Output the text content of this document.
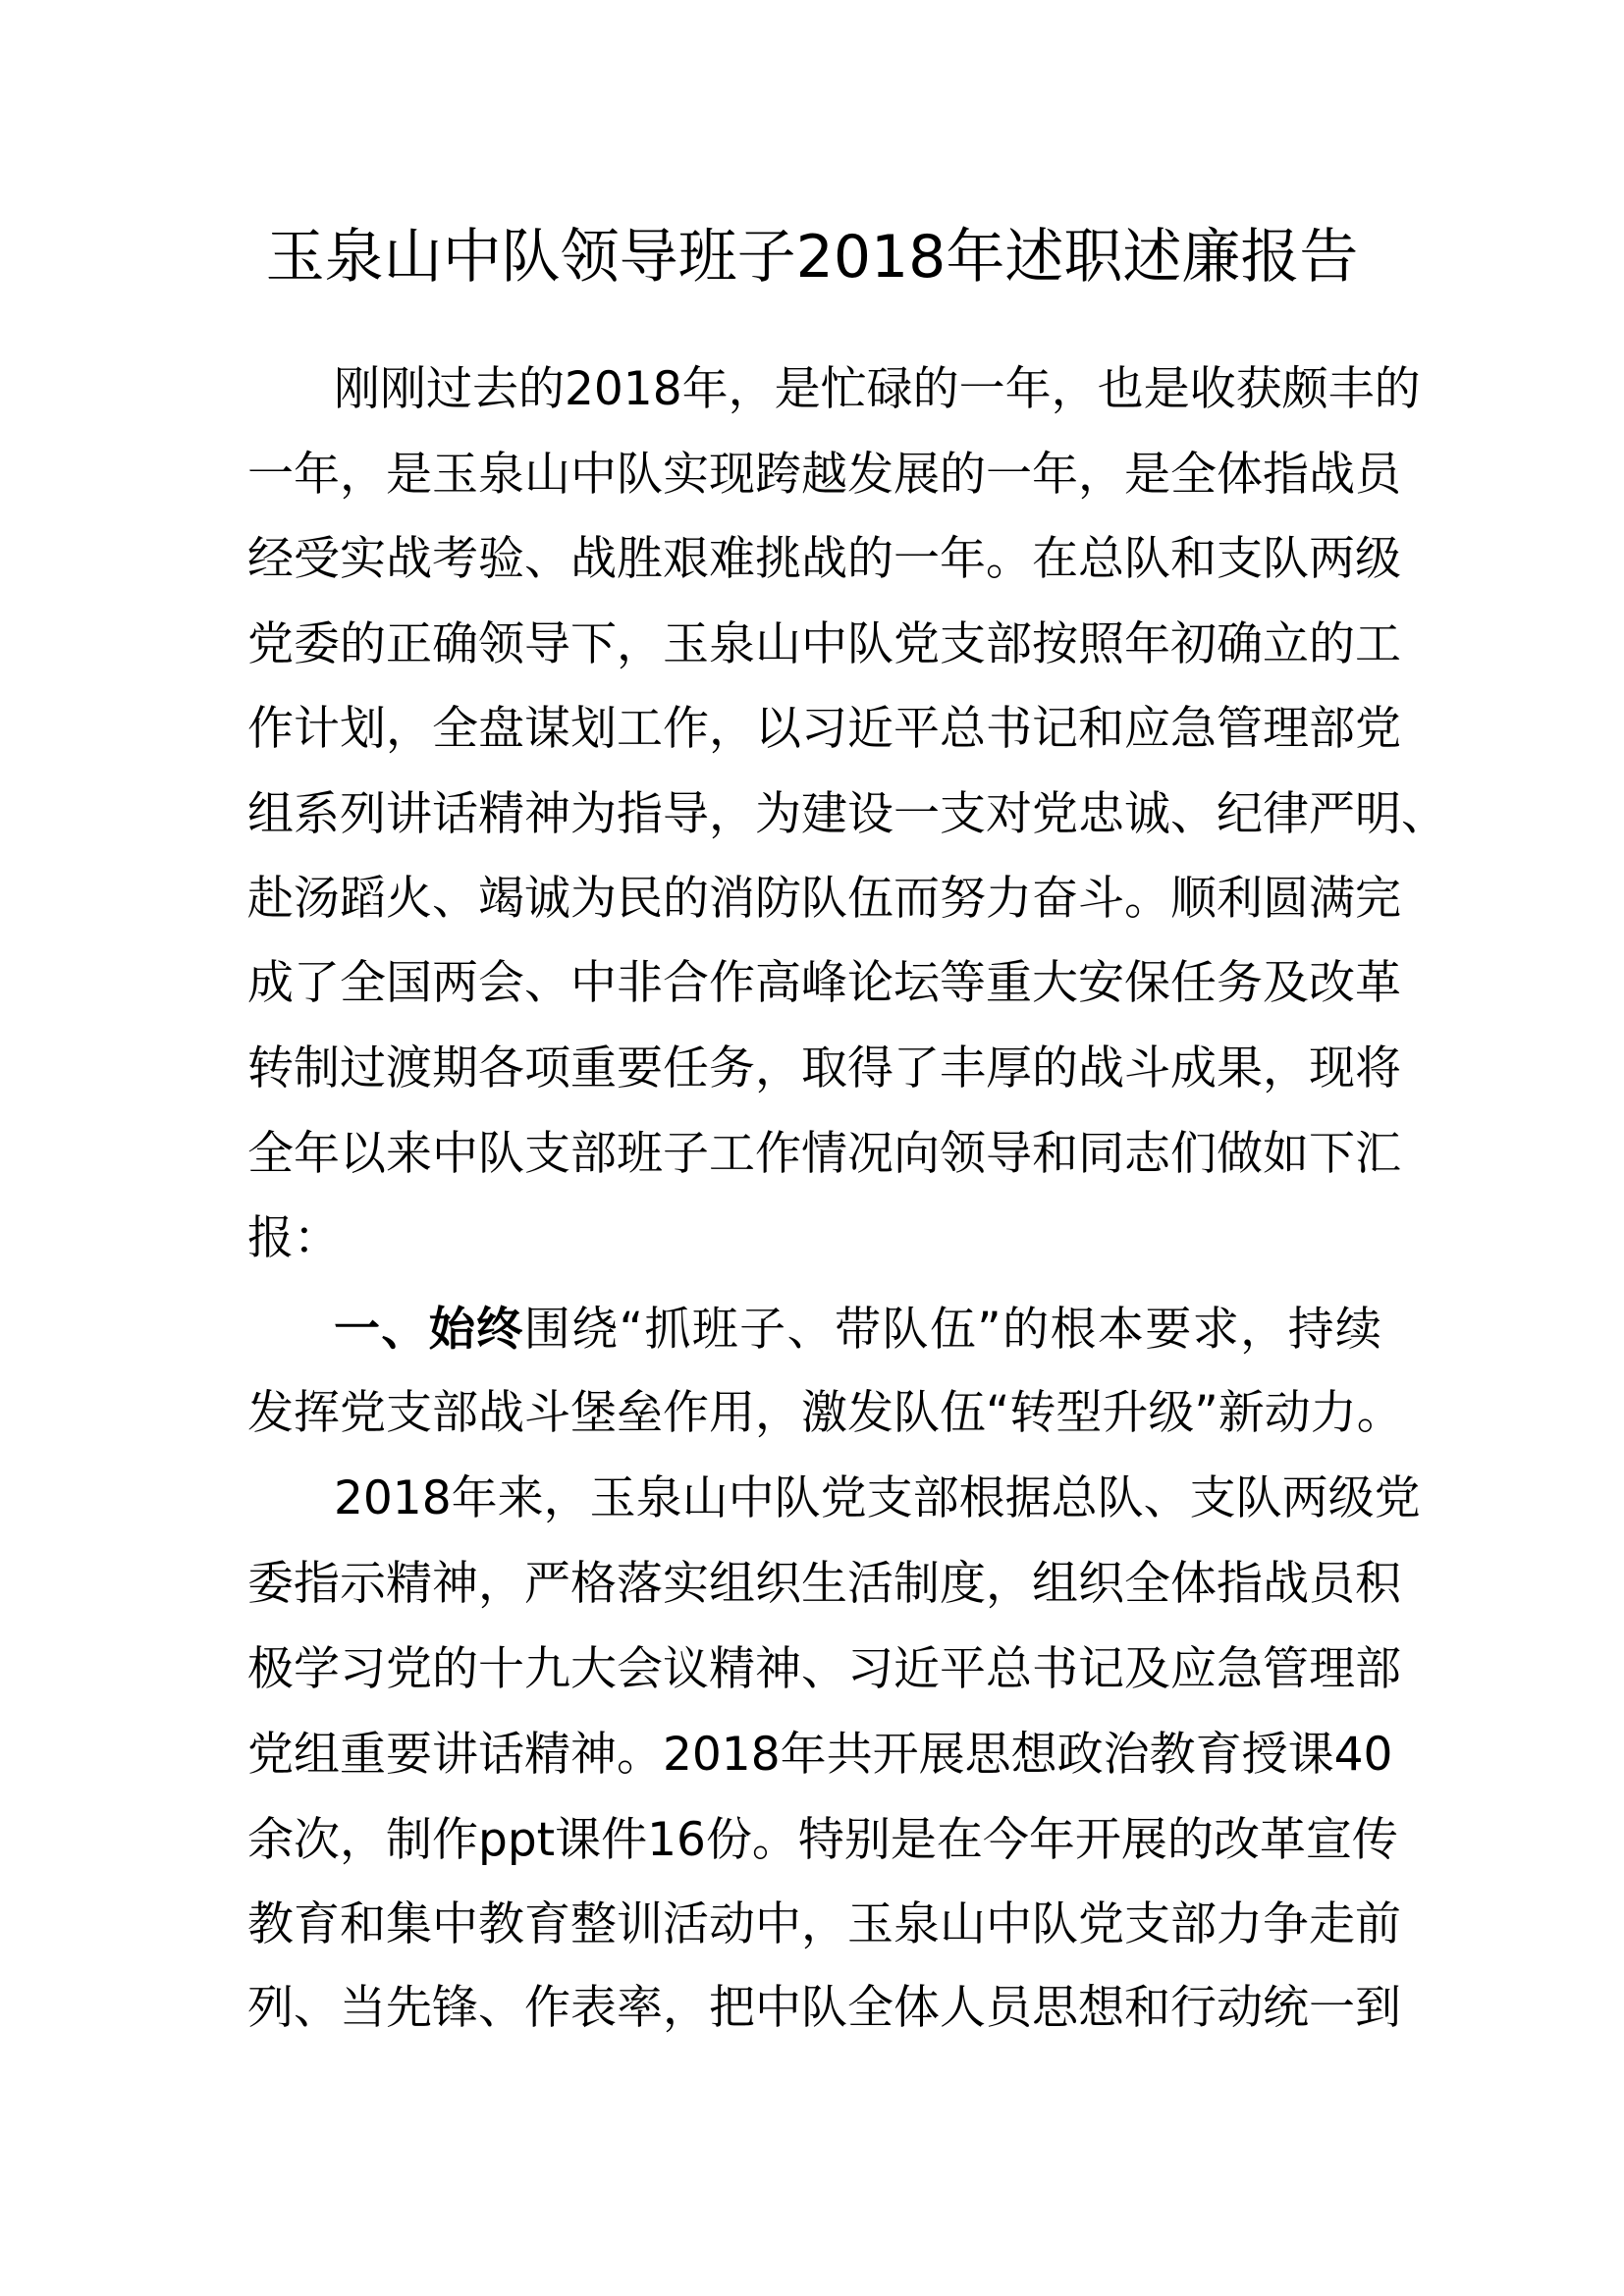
玉泉山中队领导班子2018年述职述廉报告
刚刚过去的2018年，是忙碌的一年，也是收获颇丰的
一年，是玉泉山中队实现跨越发展的一年，是全体指战员
经受实战考验、战胜艰难挑战的一年。在总队和支队两级
党委的正确领导下，玉泉山中队党支部按照年初确立的工
作计划，全盘谋划工作，以习近平总书记和应急管理部党
组系列讲话精神为指导，为建设一支对党忠诚、纪律严明、
赴汤蹈火、竭诚为民的消防队伍而努力奋斗。顺利圆满完
成了全国两会、中非合作高峰论坛等重大安保任务及改革
转制过渡期各项重要任务，取得了丰厚的战斗成果，现将
全年以来中队支部班子工作情况向领导和同志们做如下汇
报：
一、始终围绕“抓班子、带队伍”的根本要求，持续
发挥党支部战斗堡垒作用，激发队伍“转型升级”新动力。
2018年来，玉泉山中队党支部根据总队、支队两级党
委指示精神，严格落实组织生活制度，组织全体指战员积
极学习党的十九大会议精神、习近平总书记及应急管理部
党组重要讲话精神。2018年共开展思想政治教育授课40
余次，制作ppt课件16份。特别是在今年开展的改革宣传
教育和集中教育整训活动中，玉泉山中队党支部力争走前
列、当先锋、作表率，把中队全体人员思想和行动统一到
